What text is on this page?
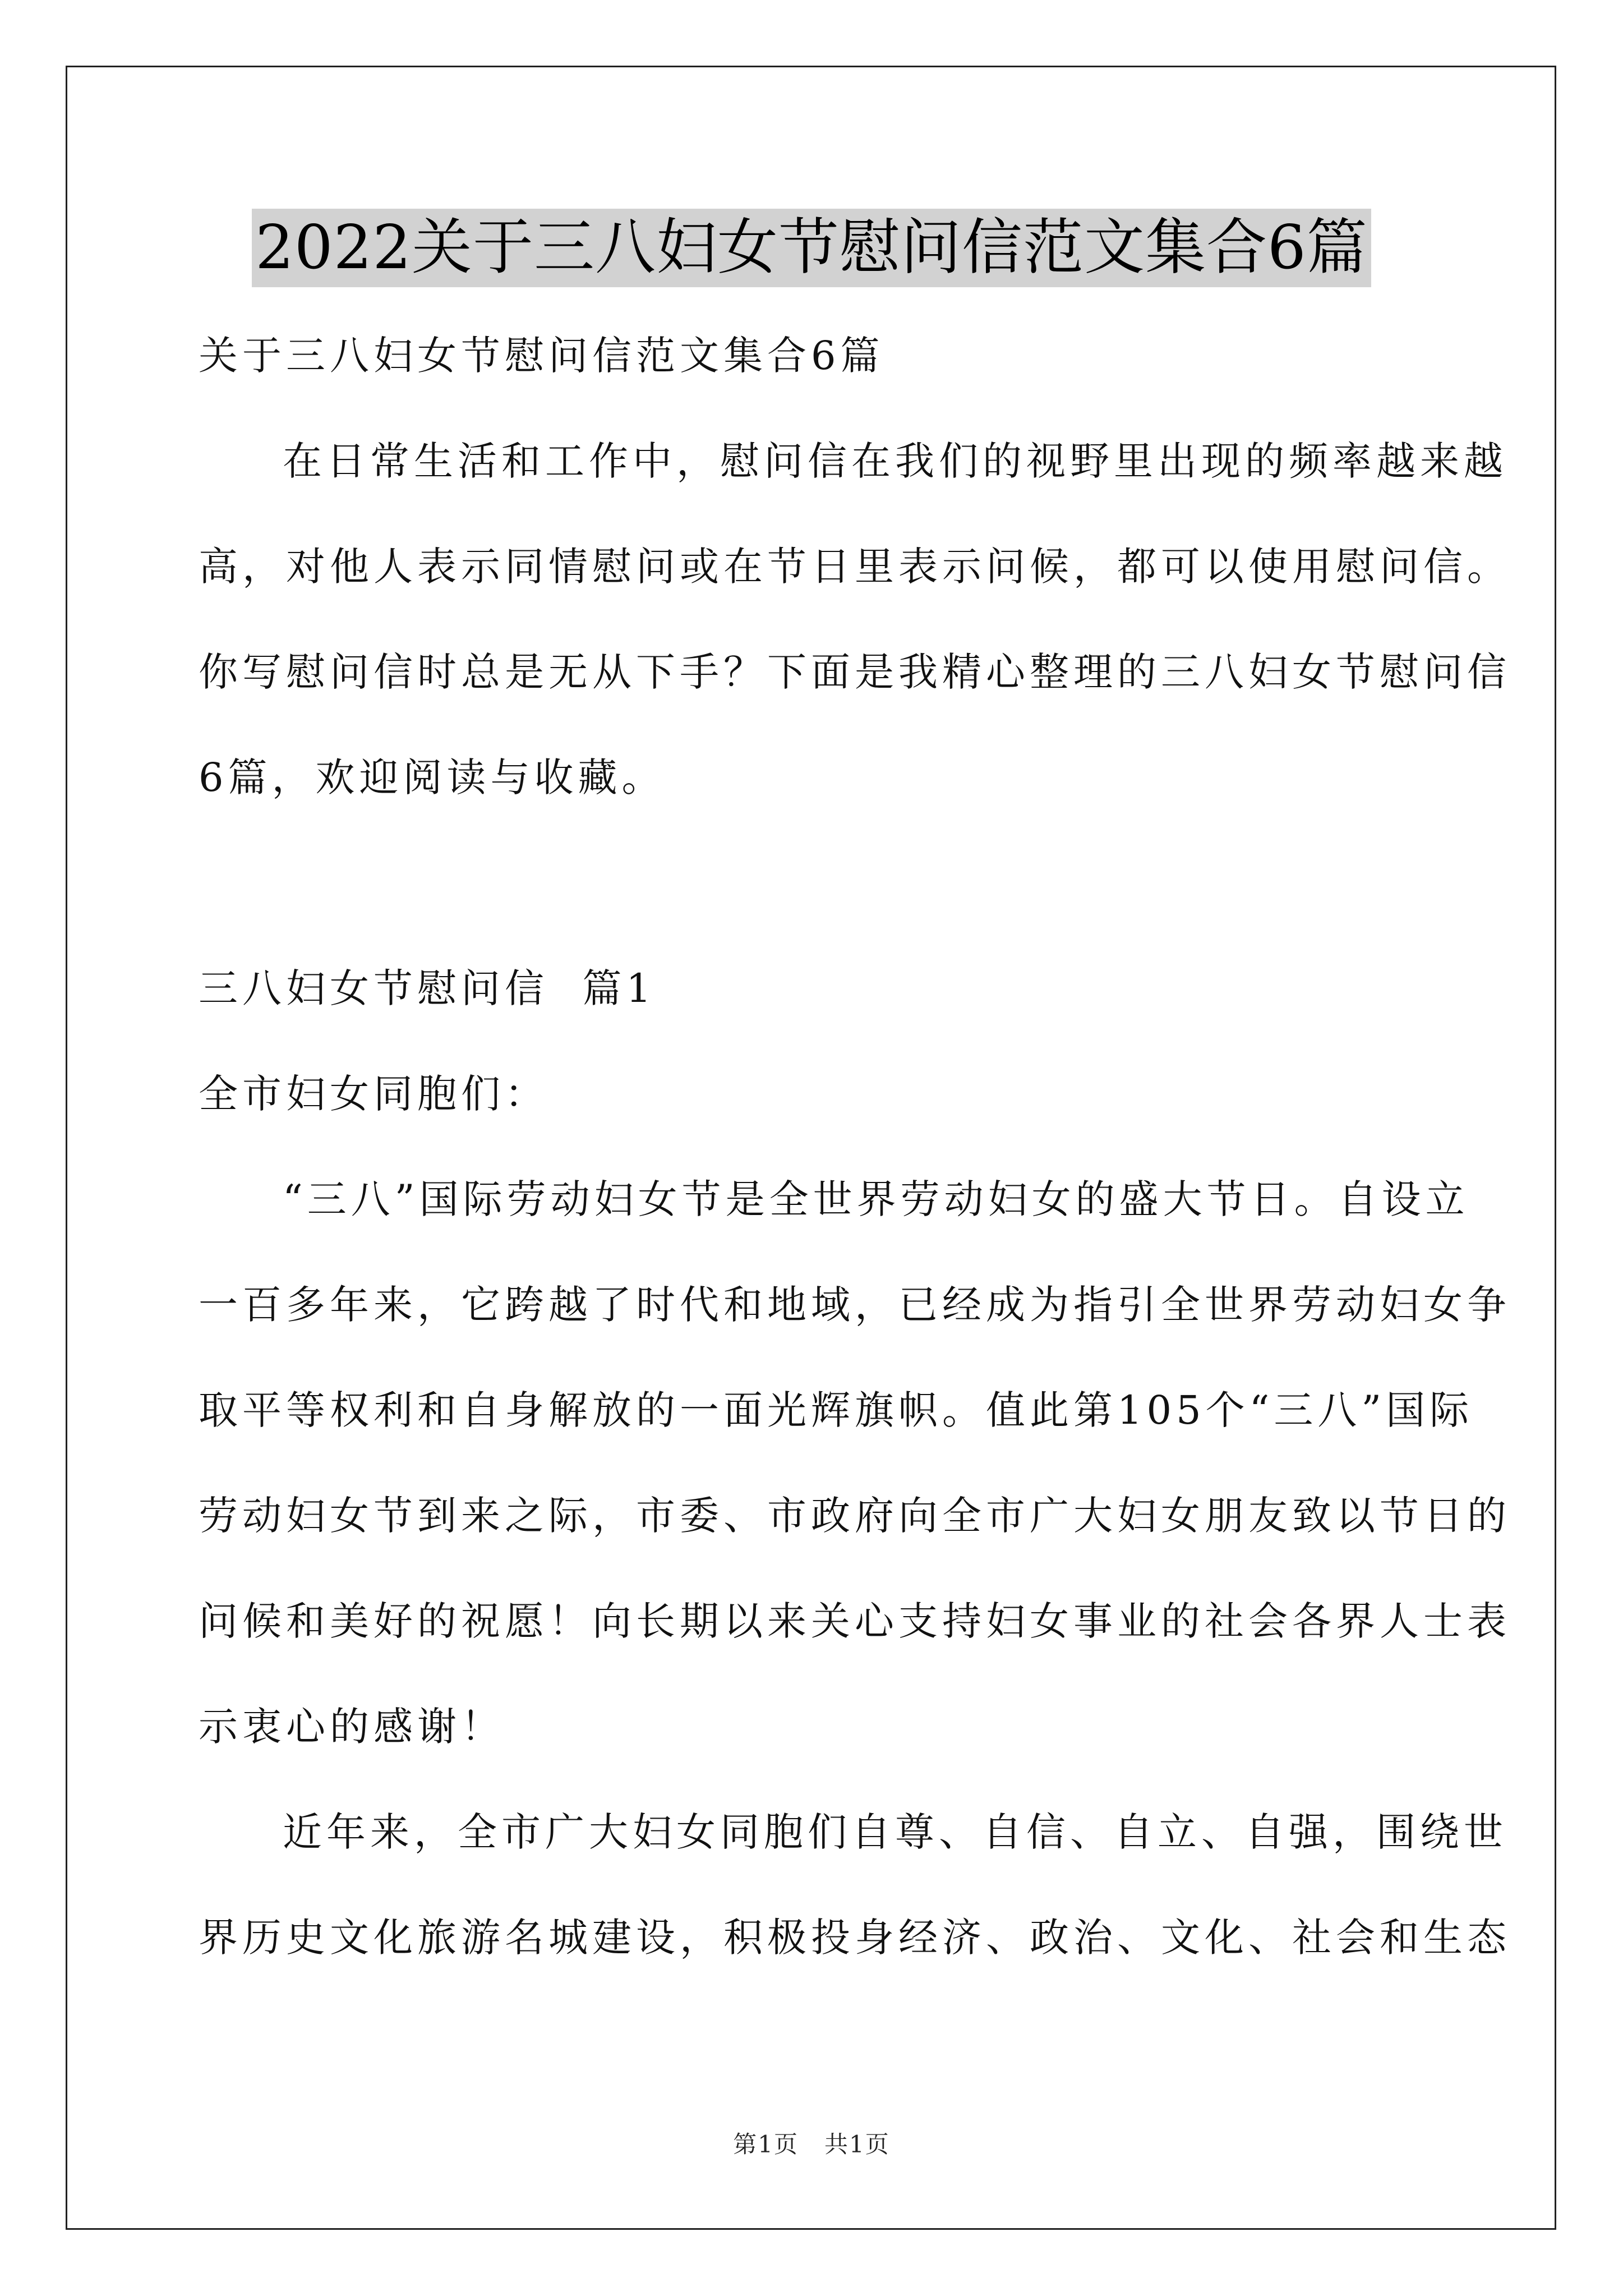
2022关于三八妇女节慰问信范文集合6篇
关于三八妇女节慰问信范文集合6篇
在日常生活和工作中，慰问信在我们的视野里出现的频率越来越
高，对他人表示同情慰问或在节日里表示问候，都可以使用慰问信。
你写慰问信时总是无从下手？下面是我精心整理的三八妇女节慰问信
6篇，欢迎阅读与收藏。
三八妇女节慰问信  篇1
全市妇女同胞们：
“三八”国际劳动妇女节是全世界劳动妇女的盛大节日。自设立
一百多年来，它跨越了时代和地域，已经成为指引全世界劳动妇女争
取平等权利和自身解放的一面光辉旗帜。值此第105个“三八”国际
劳动妇女节到来之际，市委、市政府向全市广大妇女朋友致以节日的
问候和美好的祝愿！向长期以来关心支持妇女事业的社会各界人士表
示衷心的感谢！
近年来，全市广大妇女同胞们自尊、自信、自立、自强，围绕世
界历史文化旅游名城建设，积极投身经济、政治、文化、社会和生态
第1页   共1页
